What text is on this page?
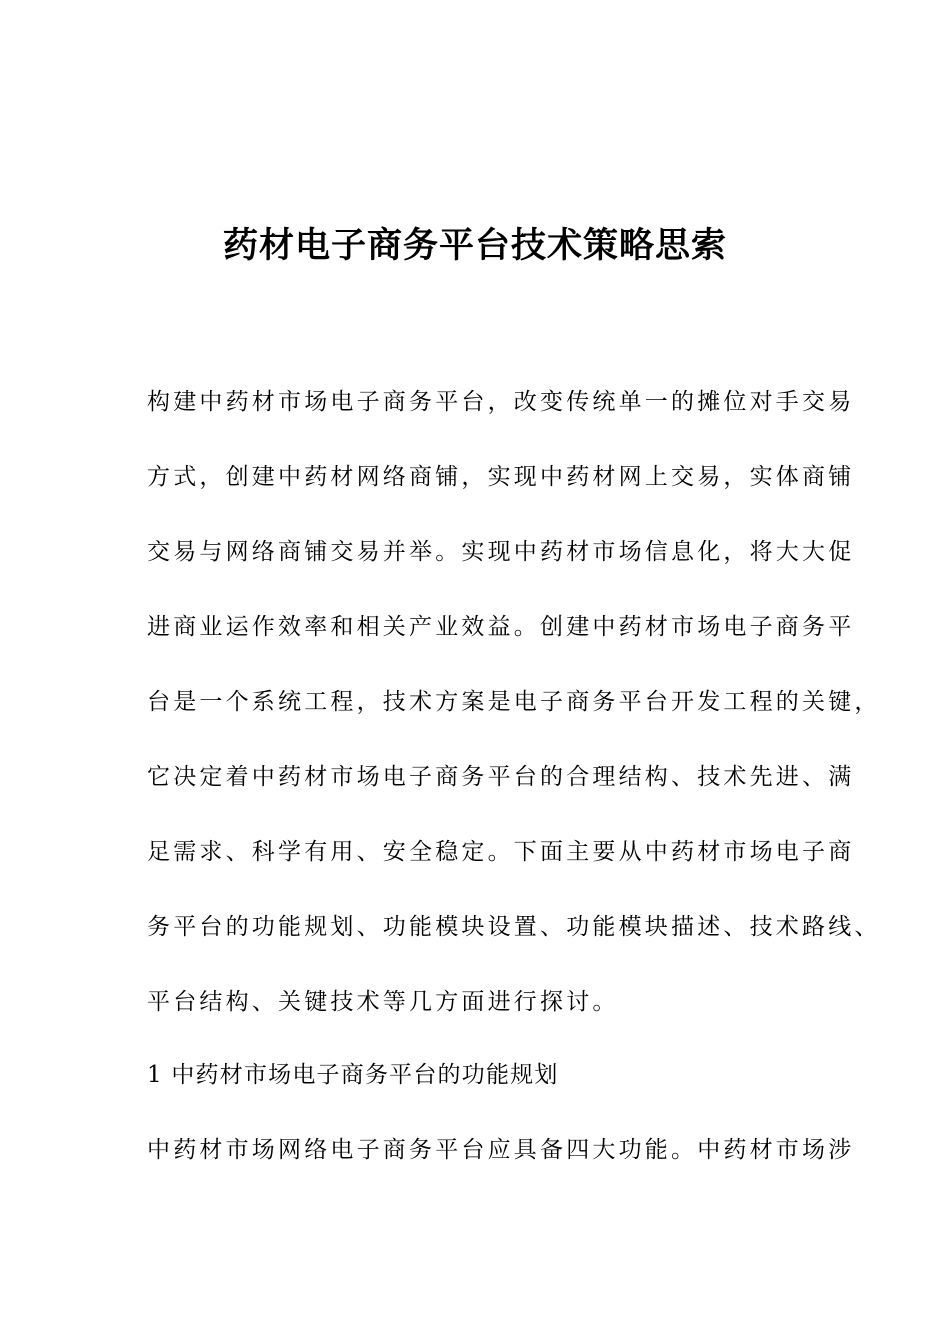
药材电子商务平台技术策略思索

构建中药材市场电子商务平台，改变传统单一的摊位对手交易

方式，创建中药材网络商铺，实现中药材网上交易，实体商铺

交易与网络商铺交易并举。实现中药材市场信息化，将大大促

进商业运作效率和相关产业效益。创建中药材市场电子商务平

台是一个系统工程，技术方案是电子商务平台开发工程的关键，

它决定着中药材市场电子商务平台的合理结构、技术先进、满

足需求、科学有用、安全稳定。下面主要从中药材市场电子商

务平台的功能规划、功能模块设置、功能模块描述、技术路线、

平台结构、关键技术等几方面进行探讨。

1 中药材市场电子商务平台的功能规划

中药材市场网络电子商务平台应具备四大功能。中药材市场涉
